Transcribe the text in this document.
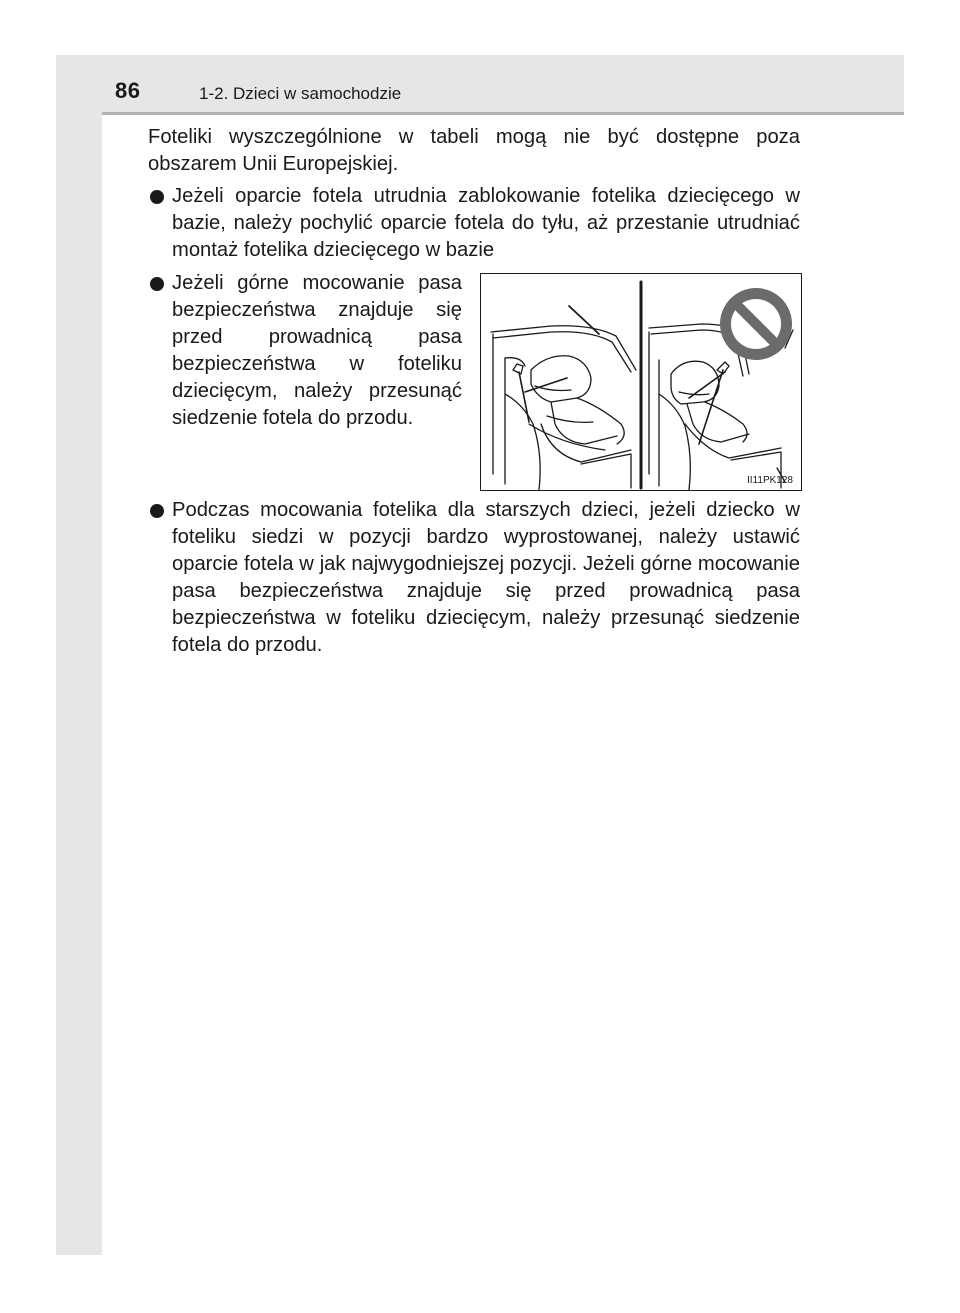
86	1-2. Dzieci w samochodzie
Foteliki wyszczególnione w tabeli mogą nie być dostępne poza obszarem Unii Europejskiej.
Jeżeli oparcie fotela utrudnia zablokowanie fotelika dziecięcego w bazie, należy pochylić oparcie fotela do tyłu, aż przestanie utrudniać montaż fotelika dziecięcego w bazie
Jeżeli górne mocowanie pasa bezpieczeństwa znajduje się przed prowadnicą pasa bezpieczeństwa w foteliku dziecięcym, należy przesunąć siedzenie fotela do przodu.
II11PK128
Podczas mocowania fotelika dla starszych dzieci, jeżeli dziecko w foteliku siedzi w pozycji bardzo wyprostowanej, należy ustawić oparcie fotela w jak najwygodniejszej pozycji. Jeżeli górne mocowanie pasa bezpieczeństwa znajduje się przed prowadnicą pasa bezpieczeństwa w foteliku dziecięcym, należy przesunąć siedzenie fotela do przodu.
